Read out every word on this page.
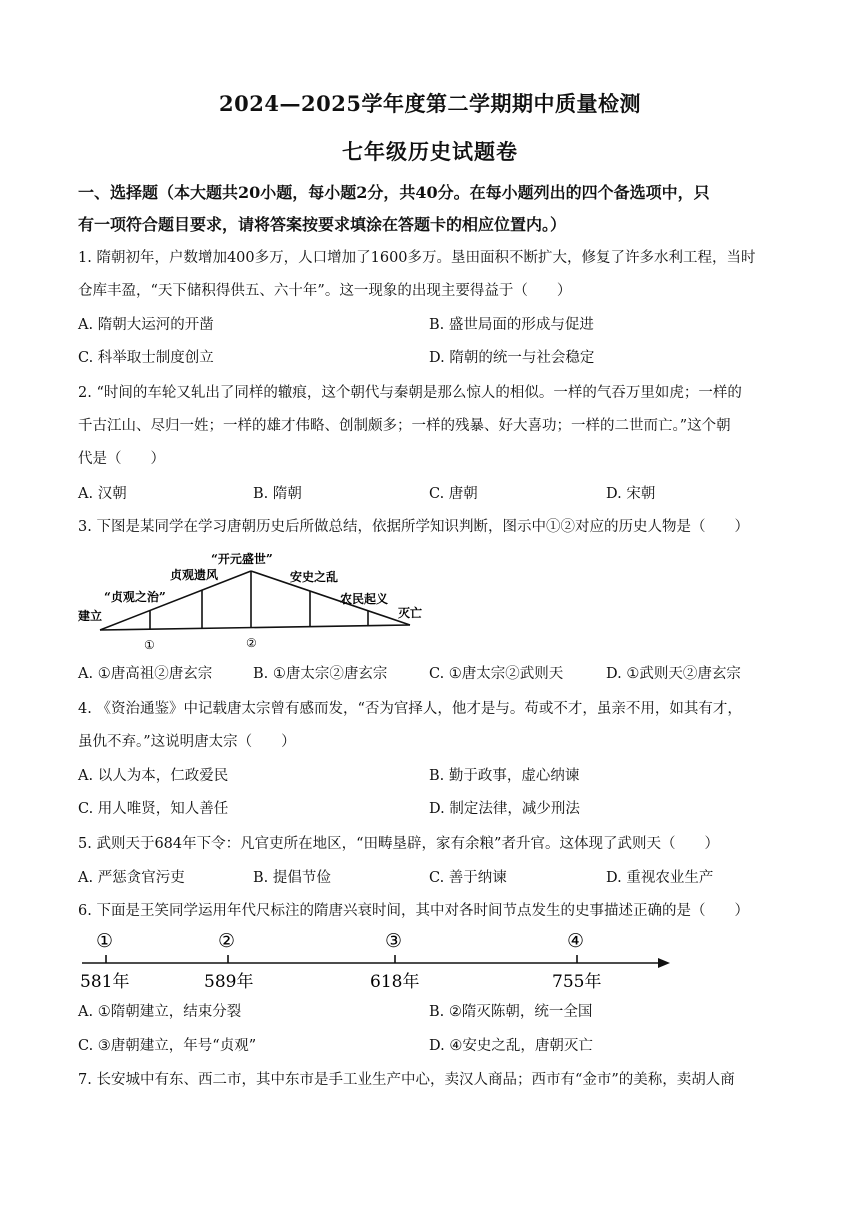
2024—2025学年度第二学期期中质量检测
七年级历史试题卷
一、选择题（本大题共20小题，每小题2分，共40分。在每小题列出的四个备选项中，只
有一项符合题目要求，请将答案按要求填涂在答题卡的相应位置内。）
1. 隋朝初年，户数增加400多万，人口增加了1600多万。垦田面积不断扩大，修复了许多水利工程，当时
仓库丰盈，“天下储积得供五、六十年”。这一现象的出现主要得益于（　　）
A. 隋朝大运河的开凿	B. 盛世局面的形成与促进
C. 科举取士制度创立	D. 隋朝的统一与社会稳定
2. “时间的车轮又轧出了同样的辙痕，这个朝代与秦朝是那么惊人的相似。一样的气吞万里如虎；一样的
千古江山、尽归一姓；一样的雄才伟略、创制颇多；一样的残暴、好大喜功；一样的二世而亡。”这个朝
代是（　　）
A. 汉朝	B. 隋朝	C. 唐朝	D. 宋朝
3. 下图是某同学在学习唐朝历史后所做总结，依据所学知识判断，图示中①②对应的历史人物是（　　）
建立
“贞观之治”
贞观遗风
“开元盛世”
安史之乱
农民起义
灭亡
①	②
A. ①唐高祖②唐玄宗	B. ①唐太宗②唐玄宗	C. ①唐太宗②武则天	D. ①武则天②唐玄宗
4. 《资治通鉴》中记载唐太宗曾有感而发，“否为官择人，他才是与。苟或不才，虽亲不用，如其有才，
虽仇不弃。”这说明唐太宗（　　）
A. 以人为本，仁政爱民	B. 勤于政事，虚心纳谏
C. 用人唯贤，知人善任	D. 制定法律，减少刑法
5. 武则天于684年下令：凡官吏所在地区，“田畴垦辟，家有余粮”者升官。这体现了武则天（　　）
A. 严惩贪官污吏	B. 提倡节俭	C. 善于纳谏	D. 重视农业生产
6. 下面是王笑同学运用年代尺标注的隋唐兴衰时间，其中对各时间节点发生的史事描述正确的是（　　）
①	②	③	④
581年	589年	618年	755年
A. ①隋朝建立，结束分裂	B. ②隋灭陈朝，统一全国
C. ③唐朝建立，年号“贞观”	D. ④安史之乱，唐朝灭亡
7. 长安城中有东、西二市，其中东市是手工业生产中心，卖汉人商品；西市有“金市”的美称，卖胡人商
